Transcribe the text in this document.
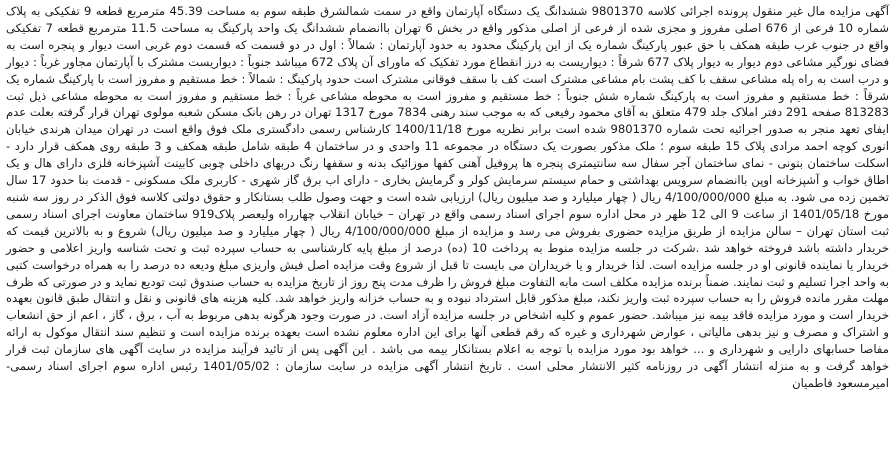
آگهی مزایده مال غیر منقول پرونده اجرائی کلاسه 9801370 ششدانگ یک دستگاه آپارتمان واقع در سمت شمالشرق طبقه سوم به مساحت 45.39 مترمربع قطعه 9 تفکیکی به پلاک شماره 10 فرعی از 676 اصلی مفروز و مجزی شده از فرعی از اصلی مذکور واقع در بخش 6 تهران باانضمام ششدانگ یک واحد پارکینگ به مساحت 11.5 مترمربع قطعه 7 تفکیکی واقع در جنوب غرب طبقه همکف با حق عبور پارکینگ شماره یک از این پارکینگ محدود به حدود آپارتمان : شمالاً : اول در دو قسمت که قسمت دوم غربی است دیوار و پنجره است به فضای نورگیر مشاعی دوم دیوار به دیوار پلاک 677 شرقاً : دیواریست به درز انقطاع مورد تفکیک که ماورای آن پلاک 672 میباشد جنوباً : دیواریست مشترک با آپارتمان مجاور غرباً : دیوار و درب است به راه پله مشاعی سقف با کف پشت بام مشاعی مشترک است کف با سقف فوقانی مشترک است حدود پارکینگ : شمالاً : خط مستقیم و مفروز است با پارکینگ شماره یک شرقاً : خط مستقیم و مفروز است به پارکینگ شماره شش جنوباً : خط مستقیم و مفروز است به محوطه مشاعی غرباً : خط مستقیم و مفروز است به محوطه مشاعی ذیل ثبت 813283 صفحه 291 دفتر املاک جلد 479 متعلق به آقای محمود رفیعی که به موجب سند رهنی 7834 مورخ 1317 تهران در رهن بانک مسکن شعبه مولوی تهران قرار گرفته بعلت عدم ایفای تعهد منجر به صدور اجرائیه تحت شماره 9801370 شده است برابر نظریه مورخ 1400/11/18 کارشناس رسمی دادگستری ملک فوق واقع است در تهران میدان هرندی خیابان انوری کوچه احمد مرادی پلاک 15 طبقه سوم ؛ ملک مذکور بصورت یک دستگاه در مجموعه 11 واحدی و در ساختمان 4 طبقه شامل طبقه همکف و 3 طبقه روی همکف قرار دارد - اسکلت ساختمان بتونی - نمای ساختمان آجر سفال سه سانتیمتری پنجره ها پروفیل آهنی کفها موزائیک بدنه و سقفها رنگ دربهای داخلی چوبی کابینت آشپزخانه فلزی دارای هال و یک اطاق خواب و آشپزخانه اوپن باانضمام سرویس بهداشتی و حمام سیستم سرمایش کولر و گرمایش بخاری - دارای اب برق گاز شهری - کاربری ملک مسکونی - قدمت بنا حدود 17 سال تخمین زده می شود. به مبلغ 4/100/000/000 ریال ( چهار میلیارد و صد میلیون ریال) ارزیابی شده است و جهت وصول طلب بستانکار و حقوق دولتی کلاسه فوق الذکر در روز سه شنبه مورخ 1401/05/18 از ساعت 9 الی 12 ظهر در محل اداره سوم اجرای اسناد رسمی واقع در تهران – خیابان انقلاب چهارراه ولیعصر پلاک919 ساختمان معاونت اجرای اسناد رسمی ثبت استان تهران – سالن مزایده از طریق مزایده حضوری بفروش می رسد و مزایده از مبلغ 4/100/000/000 ریال ( چهار میلیارد و صد میلیون ریال) شروع و به بالاترین قیمت که خریدار داشته باشد فروخته خواهد شد .شرکت در جلسه مزایده منوط به پرداخت 10 (ده) درصد از مبلغ پایه کارشناسی به حساب سپرده ثبت و تحت شناسه واریز اعلامی و حضور خریدار یا نماینده قانونی او در جلسه مزایده است. لذا خریدار و یا خریداران می بایست تا قبل از شروع وقت مزایده اصل فیش واریزی مبلغ ودیعه ده درصد را به همراه درخواست کتبی به واحد اجرا تسلیم و ثبت نمایند. ضمناً برنده مزایده مکلف است مابه التفاوت مبلغ فروش را ظرف مدت پنج روز از تاریخ مزایده به حساب صندوق ثبت تودیع نماید و در صورتی که ظرف مهلت مقرر مانده فروش را به حساب سپرده ثبت واریز نکند، مبلغ مذکور قابل استرداد نبوده و به حساب خزانه واریز خواهد شد. کلیه هزینه های قانونی و نقل و انتقال طبق قانون بعهده خریدار است و مورد مزایده فاقد بیمه نیز میباشد. حضور عموم و کلیه اشخاص در جلسه مزایده آزاد است. در صورت وجود هرگونه بدهی مربوط به آب ، برق ، گاز ، اعم از حق انشعاب و اشتراک و مصرف و نیز بدهی مالیاتی ، عوارض شهرداری و غیره که رقم قطعی آنها برای این اداره معلوم نشده است بعهده برنده مزایده است و تنظیم سند انتقال موکول به ارائه مفاصا حسابهای دارایی و شهرداری و ... خواهد بود مورد مزایده با توجه به اعلام بستانکار بیمه می باشد . این آگهی پس از تائید فرآیند مزایده در سایت آگهی های سازمان ثبت قرار خواهد گرفت و به منزله انتشار آگهی در روزنامه کثیر الانتشار محلی است . تاریخ انتشار آگهی مزایده در سایت سازمان : 1401/05/02 رئیس اداره سوم اجرای اسناد رسمی- امیرمسعود فاطمیان
